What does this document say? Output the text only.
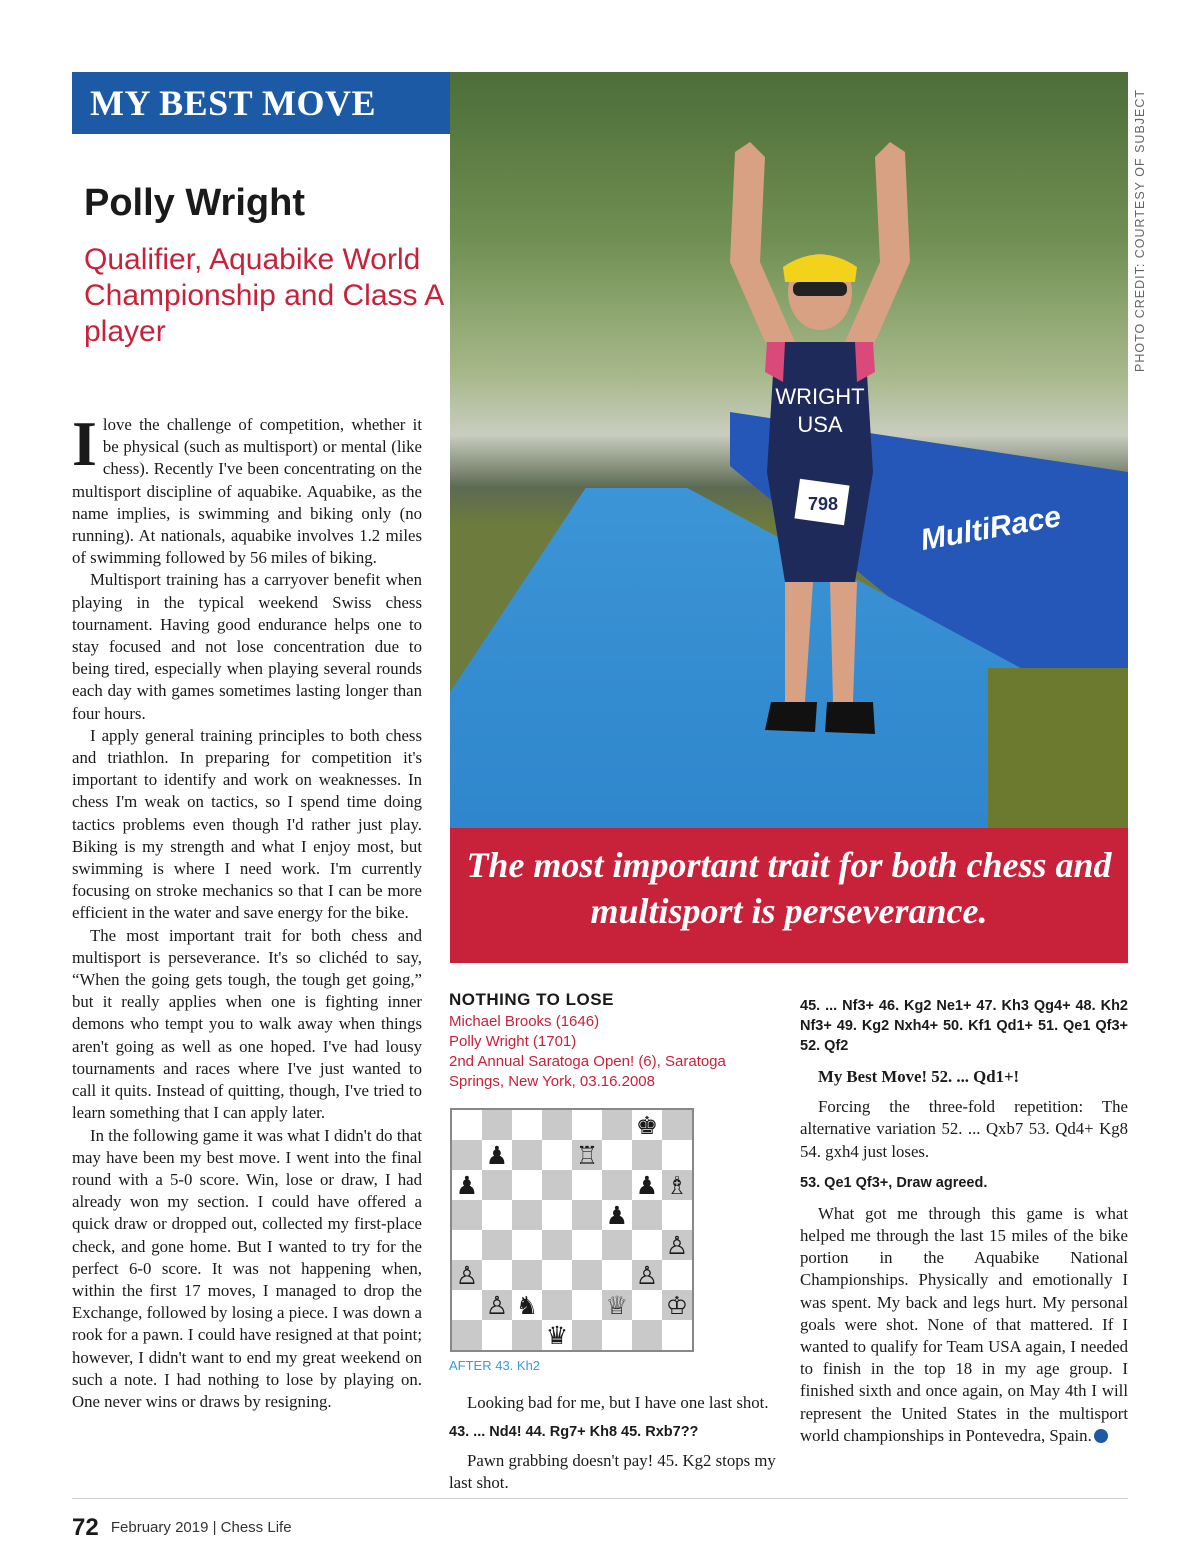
MY BEST MOVE
Polly Wright
Qualifier, Aquabike World Championship and Class A player

Ilove the challenge of competition, whether it be physical (such as multisport) or mental (like chess). Recently I've been concentrating on the multisport discipline of aquabike. Aquabike, as the name implies, is swimming and biking only (no running). At nationals, aquabike involves 1.2 miles of swimming followed by 56 miles of biking.

Multisport training has a carryover benefit when playing in the typical weekend Swiss chess tournament. Having good endurance helps one to stay focused and not lose concentration due to being tired, especially when playing several rounds each day with games sometimes lasting longer than four hours.

I apply general training principles to both chess and triathlon. In preparing for competition it's important to identify and work on weaknesses. In chess I'm weak on tactics, so I spend time doing tactics problems even though I'd rather just play. Biking is my strength and what I enjoy most, but swimming is where I need work. I'm currently focusing on stroke mechanics so that I can be more efficient in the water and save energy for the bike.

The most important trait for both chess and multisport is perseverance. It's so clichéd to say, “When the going gets tough, the tough get going,” but it really applies when one is fighting inner demons who tempt you to walk away when things aren't going as well as one hoped. I've had lousy tournaments and races where I've just wanted to call it quits. Instead of quitting, though, I've tried to learn something that I can apply later.

In the following game it was what I didn't do that may have been my best move. I went into the final round with a 5-0 score. Win, lose or draw, I had already won my section. I could have offered a quick draw or dropped out, collected my first-place check, and gone home. But I wanted to try for the perfect 6-0 score. It was not happening when, within the first 17 moves, I managed to drop the Exchange, followed by losing a piece. I was down a rook for a pawn. I could have resigned at that point; however, I didn't want to end my great weekend on such a note. I had nothing to lose by playing on. One never wins or draws by resigning.

MultiRace
WRIGHT
USA
798
PHOTO CREDIT: COURTESY OF SUBJECT
The most important trait for both chess and multisport is perseverance.
NOTHING TO LOSE
Michael Brooks (1646)
Polly Wright (1701)
2nd Annual Saratoga Open! (6), Saratoga Springs, New York, 03.16.2008
♚
♟	♖
♟	♟ ♗
♟
♙
♙	♙
♙ ♞	♕ ♔
♛
AFTER 43. Kh2

Looking bad for me, but I have one last shot.

43. ... Nd4! 44. Rg7+ Kh8 45. Rxb7??

Pawn grabbing doesn't pay! 45. Kg2 stops my last shot.

45. ... Nf3+ 46. Kg2 Ne1+ 47. Kh3 Qg4+ 48. Kh2 Nf3+ 49. Kg2 Nxh4+ 50. Kf1 Qd1+ 51. Qe1 Qf3+ 52. Qf2

My Best Move! 52. ... Qd1+!

Forcing the three-fold repetition: The alternative variation 52. ... Qxb7 53. Qd4+ Kg8 54. gxh4 just loses.

53. Qe1 Qf3+, Draw agreed.

What got me through this game is what helped me through the last 15 miles of the bike portion in the Aquabike National Championships. Physically and emotionally I was spent. My back and legs hurt. My personal goals were shot. None of that mattered. If I wanted to qualify for Team USA again, I needed to finish in the top 18 in my age group. I finished sixth and once again, on May 4th I will represent the United States in the multisport world championships in Pontevedra, Spain.

72 February 2019 | Chess Life
